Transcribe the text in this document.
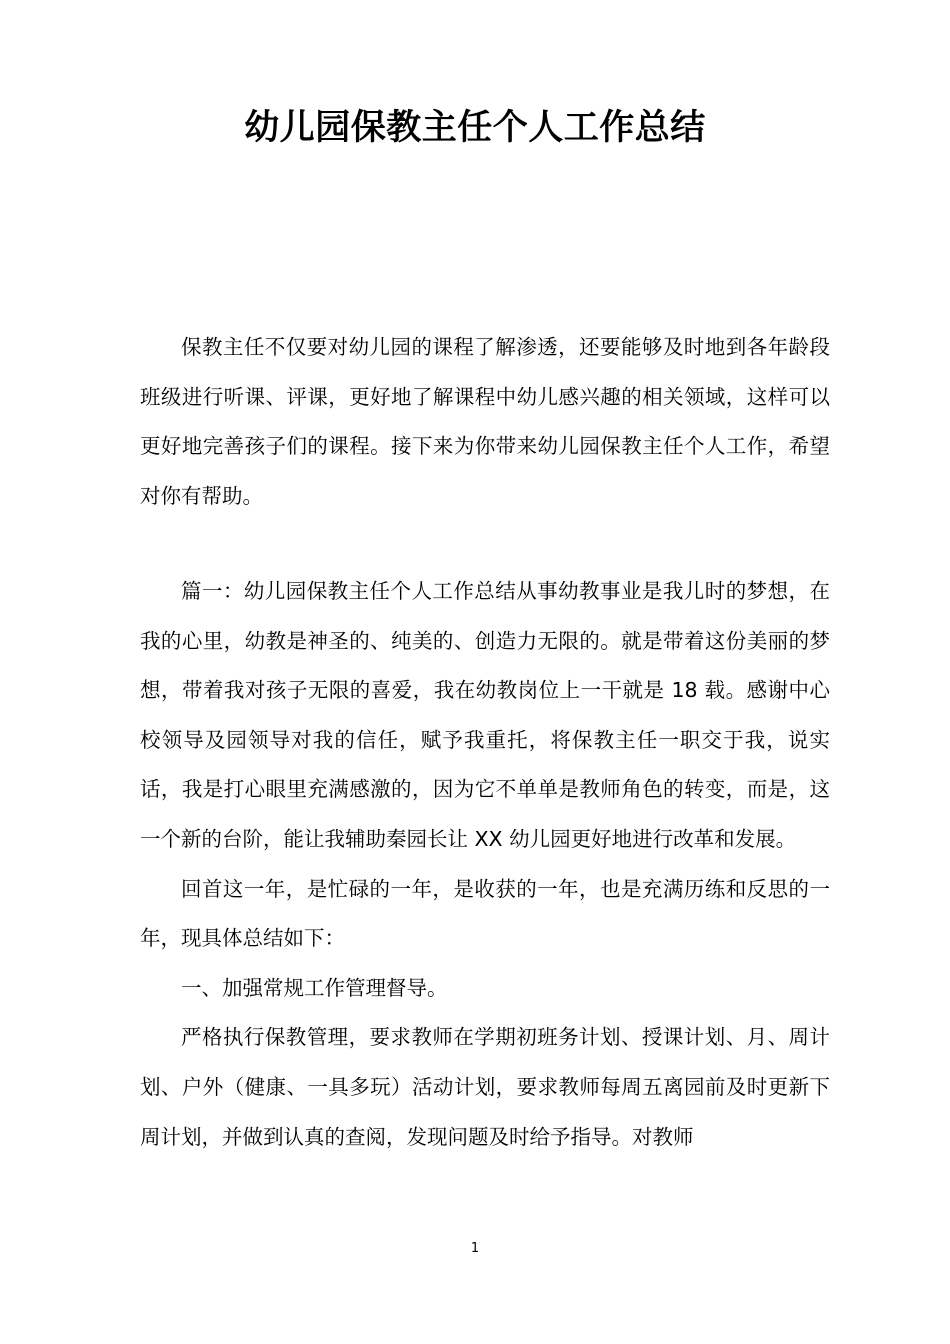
幼儿园保教主任个人工作总结

保教主任不仅要对幼儿园的课程了解渗透，还要能够及时地到各年龄段班级进行听课、评课，更好地了解课程中幼儿感兴趣的相关领域，这样可以更好地完善孩子们的课程。接下来为你带来幼儿园保教主任个人工作，希望对你有帮助。

篇一：幼儿园保教主任个人工作总结从事幼教事业是我儿时的梦想，在我的心里，幼教是神圣的、纯美的、创造力无限的。就是带着这份美丽的梦想，带着我对孩子无限的喜爱，我在幼教岗位上一干就是 18 载。感谢中心校领导及园领导对我的信任，赋予我重托，将保教主任一职交于我，说实话，我是打心眼里充满感激的，因为它不单单是教师角色的转变，而是，这一个新的台阶，能让我辅助秦园长让 XX 幼儿园更好地进行改革和发展。

回首这一年，是忙碌的一年，是收获的一年，也是充满历练和反思的一年，现具体总结如下：

一、加强常规工作管理督导。

严格执行保教管理，要求教师在学期初班务计划、授课计划、月、周计划、户外（健康、一具多玩）活动计划，要求教师每周五离园前及时更新下周计划，并做到认真的查阅，发现问题及时给予指导。对教师

1
